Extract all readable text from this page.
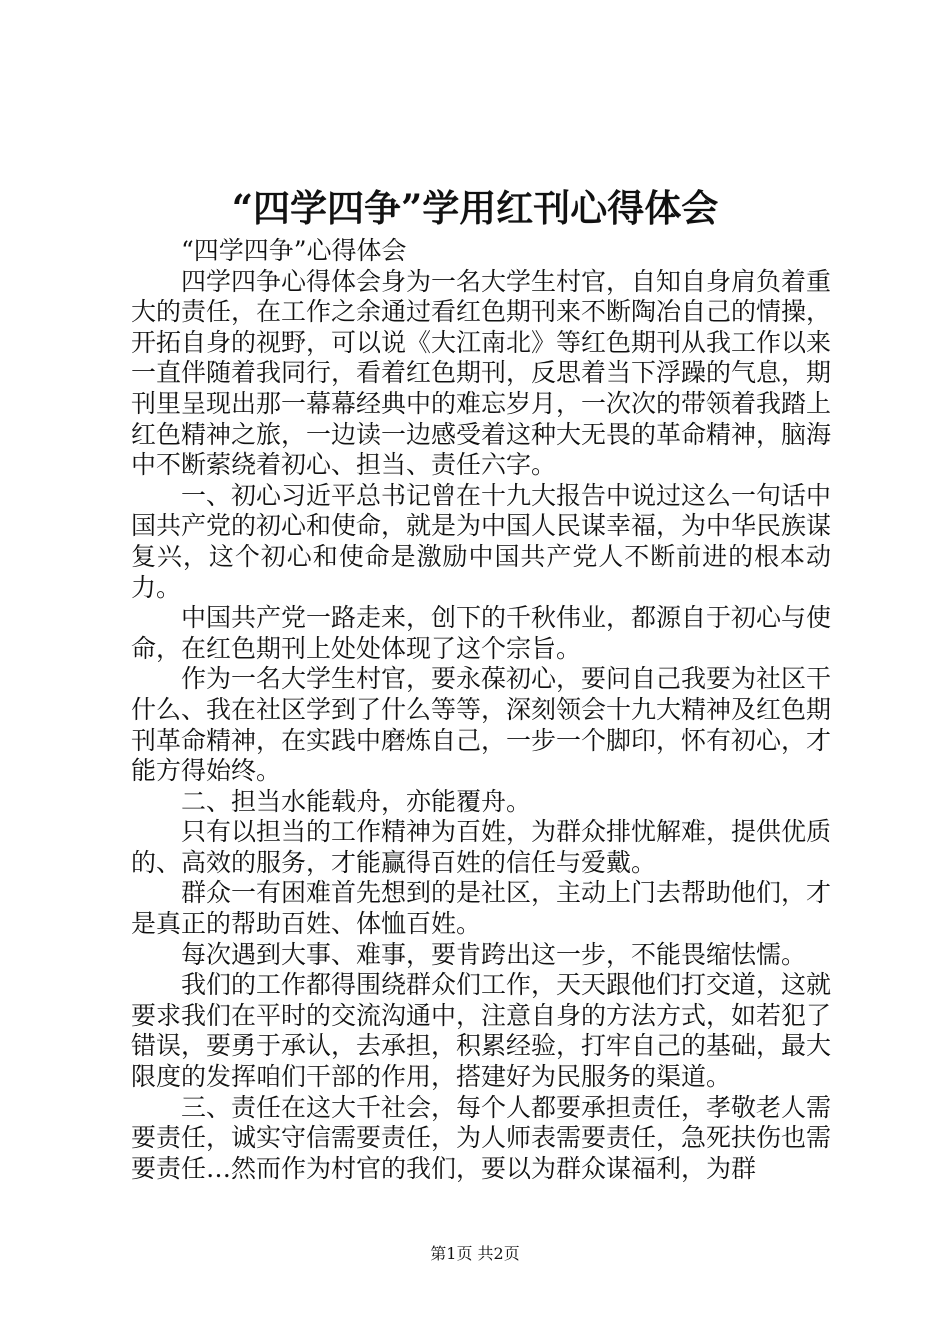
“四学四争”学用红刊心得体会

“四学四争”心得体会

四学四争心得体会身为一名大学生村官，自知自身肩负着重大的责任，在工作之余通过看红色期刊来不断陶冶自己的情操，开拓自身的视野，可以说《大江南北》等红色期刊从我工作以来一直伴随着我同行，看着红色期刊，反思着当下浮躁的气息，期刊里呈现出那一幕幕经典中的难忘岁月，一次次的带领着我踏上红色精神之旅，一边读一边感受着这种大无畏的革命精神，脑海中不断萦绕着初心、担当、责任六字。

一、初心习近平总书记曾在十九大报告中说过这么一句话中国共产党的初心和使命，就是为中国人民谋幸福，为中华民族谋复兴，这个初心和使命是激励中国共产党人不断前进的根本动力。

中国共产党一路走来，创下的千秋伟业，都源自于初心与使命，在红色期刊上处处体现了这个宗旨。

作为一名大学生村官，要永葆初心，要问自己我要为社区干什么、我在社区学到了什么等等，深刻领会十九大精神及红色期刊革命精神，在实践中磨炼自己，一步一个脚印，怀有初心，才能方得始终。

二、担当水能载舟，亦能覆舟。

只有以担当的工作精神为百姓，为群众排忧解难，提供优质的、高效的服务，才能赢得百姓的信任与爱戴。

群众一有困难首先想到的是社区，主动上门去帮助他们，才是真正的帮助百姓、体恤百姓。

每次遇到大事、难事，要肯跨出这一步，不能畏缩怯懦。

我们的工作都得围绕群众们工作，天天跟他们打交道，这就要求我们在平时的交流沟通中，注意自身的方法方式，如若犯了错误，要勇于承认，去承担，积累经验，打牢自己的基础，最大限度的发挥咱们干部的作用，搭建好为民服务的渠道。

三、责任在这大千社会，每个人都要承担责任，孝敬老人需要责任，诚实守信需要责任，为人师表需要责任，急死扶伤也需要责任…然而作为村官的我们，要以为群众谋福利，为群

第1页 共2页
